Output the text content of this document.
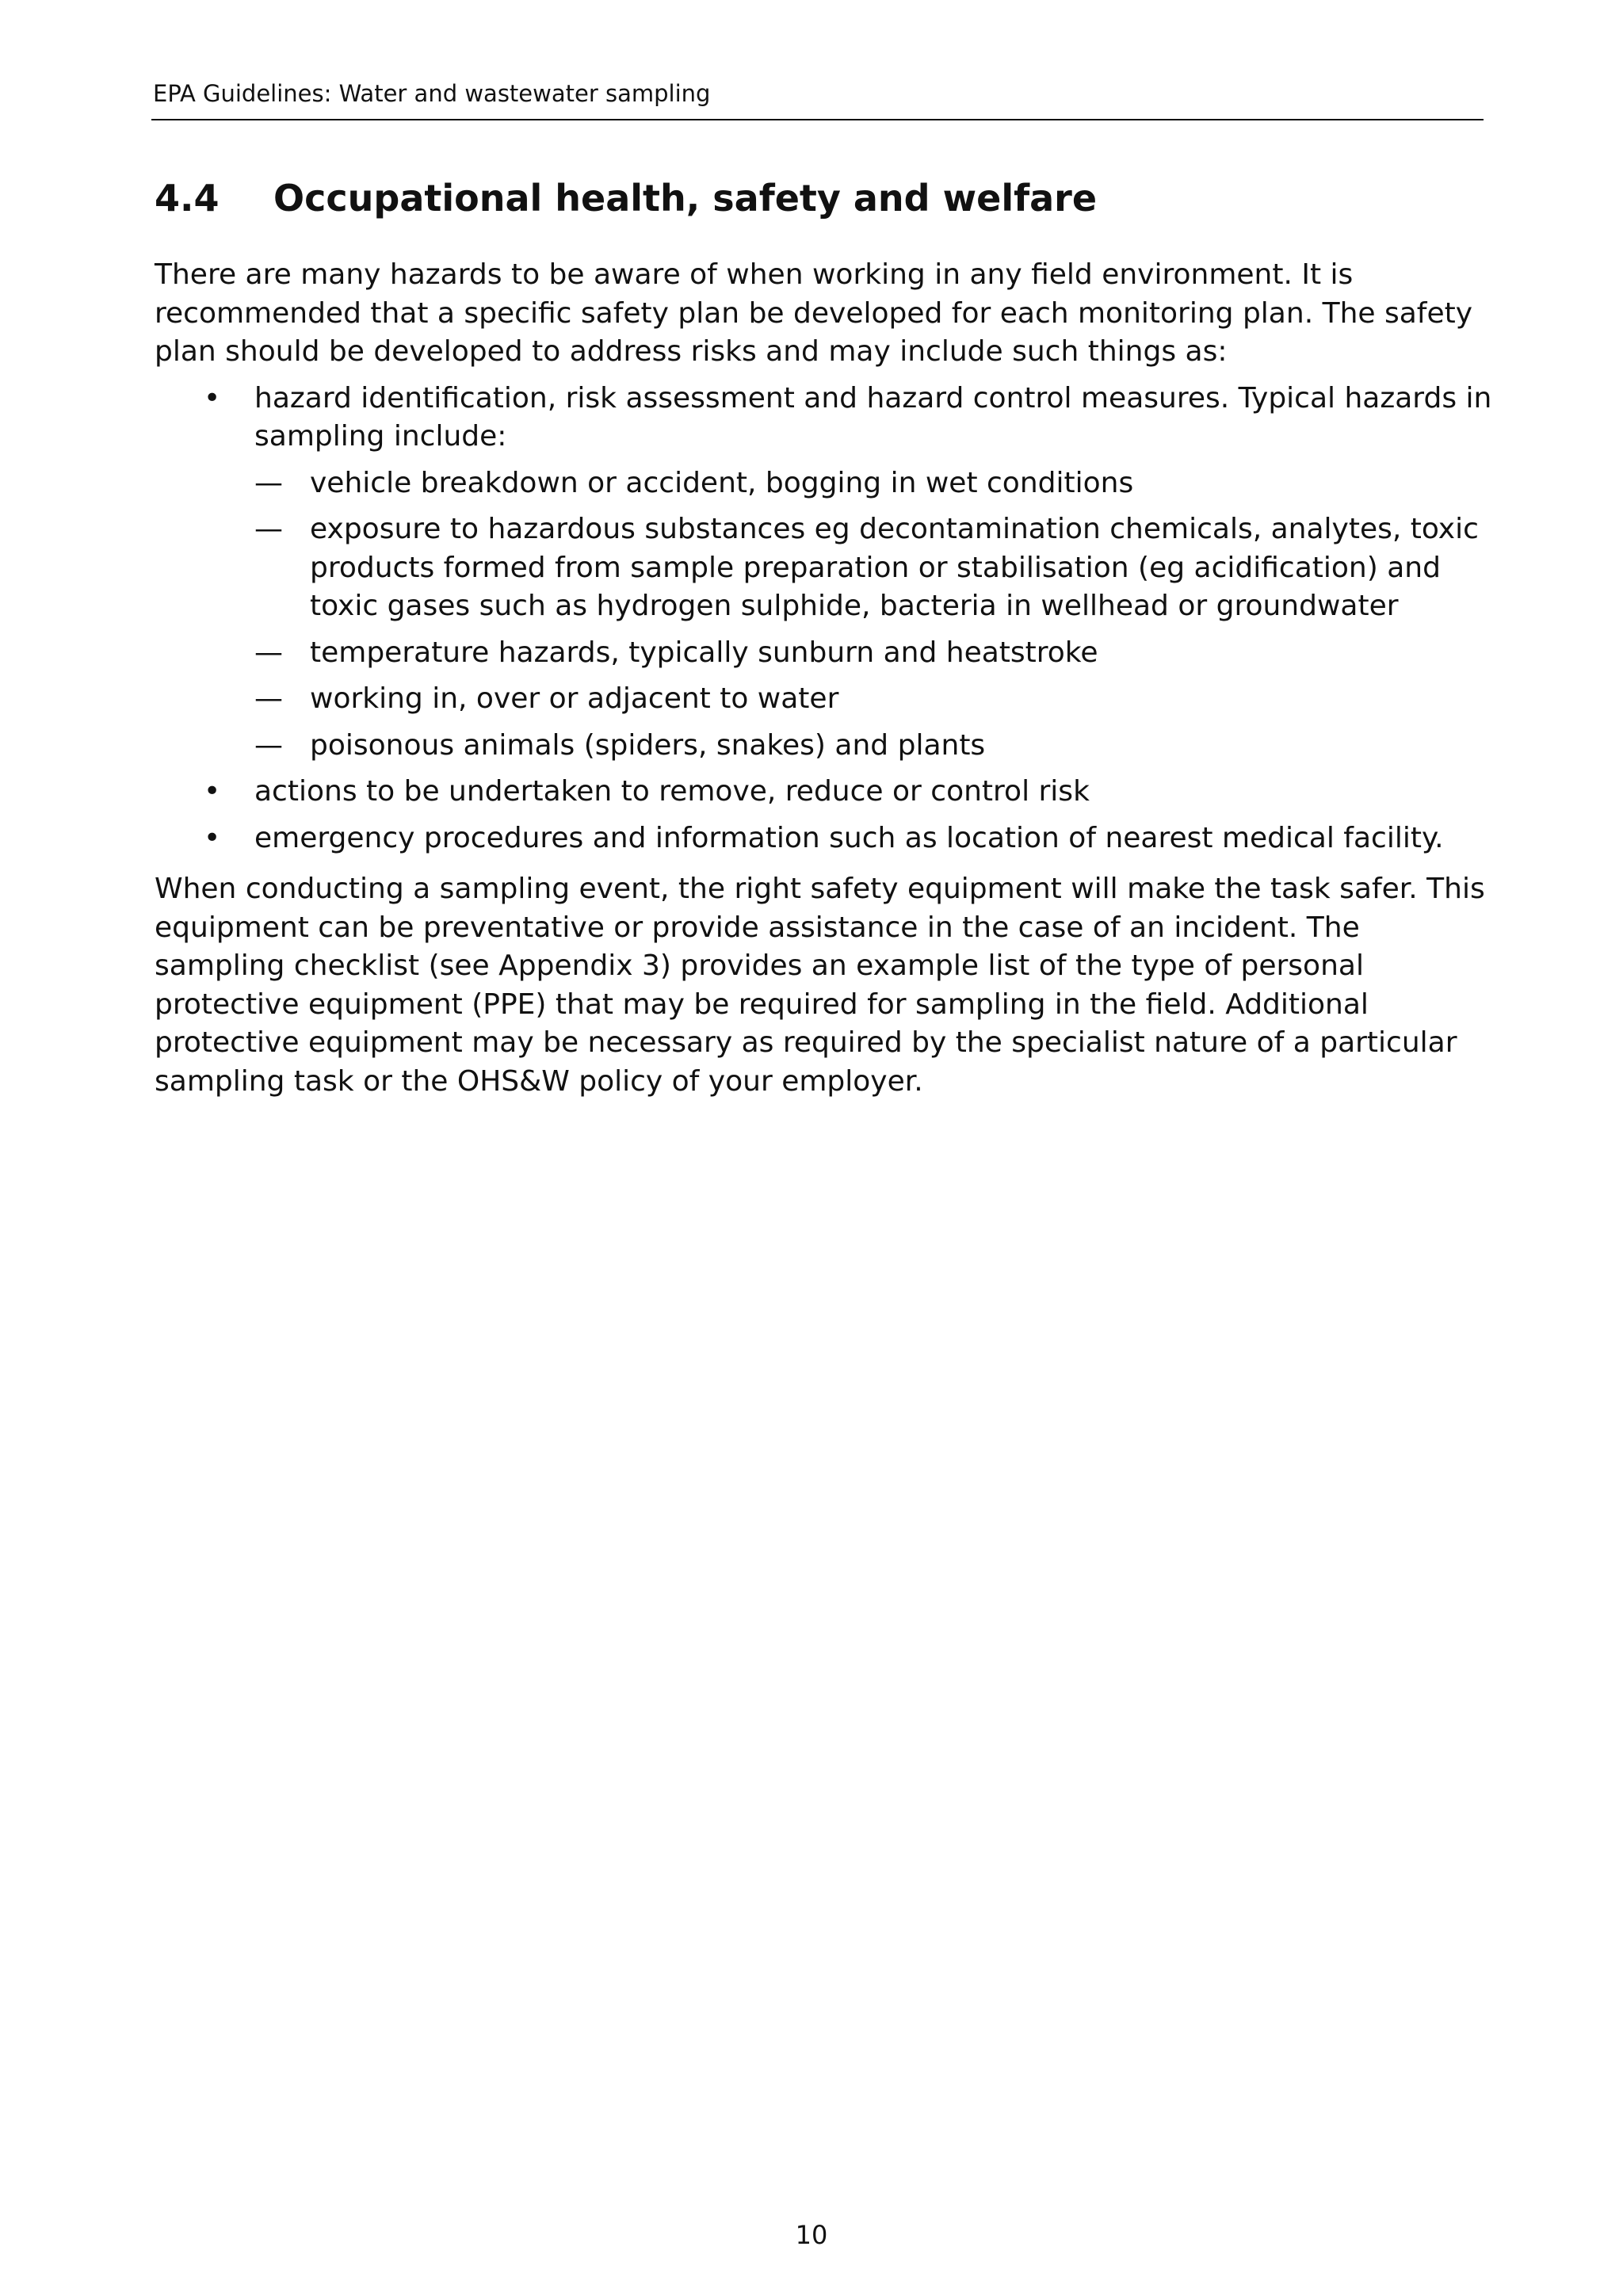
EPA Guidelines: Water and wastewater sampling
4.4	Occupational health, safety and welfare

There are many hazards to be aware of when working in any field environment. It is recommended that a specific safety plan be developed for each monitoring plan. The safety plan should be developed to address risks and may include such things as:

• hazard identification, risk assessment and hazard control measures. Typical hazards in sampling include:
— vehicle breakdown or accident, bogging in wet conditions
— exposure to hazardous substances eg decontamination chemicals, analytes, toxic products formed from sample preparation or stabilisation (eg acidification) and toxic gases such as hydrogen sulphide, bacteria in wellhead or groundwater
— temperature hazards, typically sunburn and heatstroke
— working in, over or adjacent to water
— poisonous animals (spiders, snakes) and plants
• actions to be undertaken to remove, reduce or control risk
• emergency procedures and information such as location of nearest medical facility.

When conducting a sampling event, the right safety equipment will make the task safer. This equipment can be preventative or provide assistance in the case of an incident. The sampling checklist (see Appendix 3) provides an example list of the type of personal protective equipment (PPE) that may be required for sampling in the field. Additional protective equipment may be necessary as required by the specialist nature of a particular sampling task or the OHS&W policy of your employer.

10
